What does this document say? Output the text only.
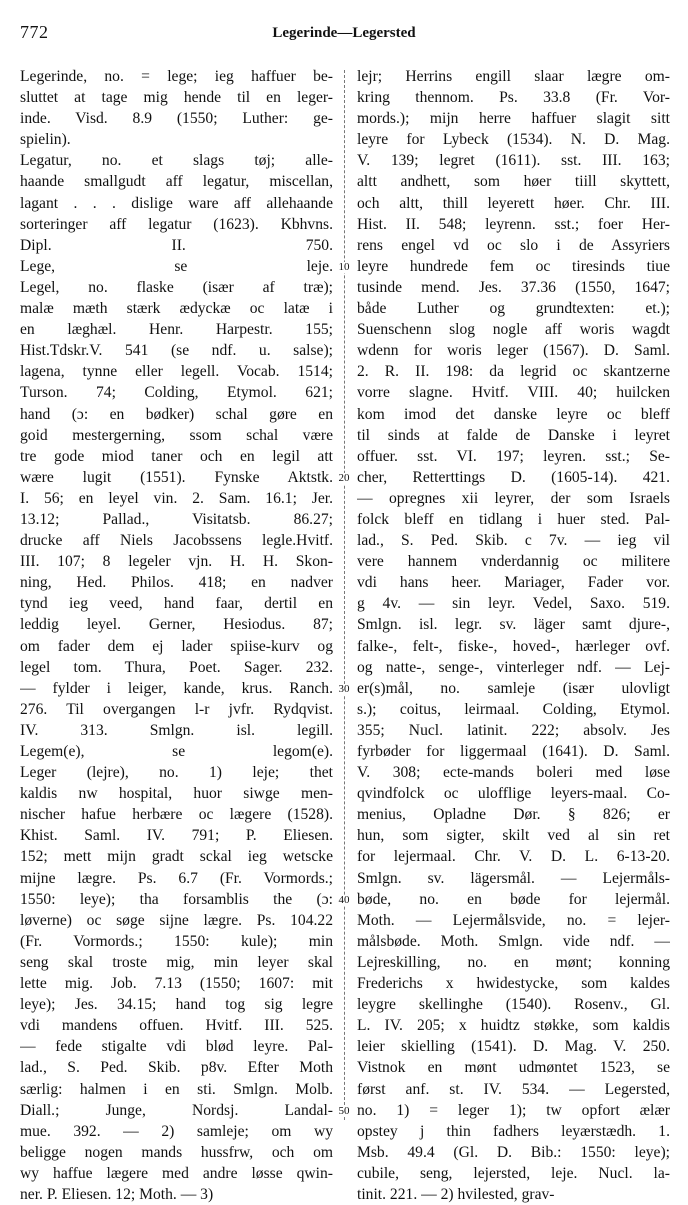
772	Legerinde—Legersted
Legerinde, no. = lege; ieg haffuer be-
sluttet at tage mig hende til en leger-
inde. Visd. 8.9 (1550; Luther: ge-
spielin).
Legatur, no. et slags tøj; alle-
haande smallgudt aff legatur, miscellan,
lagant . . . dislige ware aff allehaande
sorteringer aff legatur (1623). Kbhvns.
Dipl. II. 750.
Lege, se leje.
Legel, no. flaske (især af træ);
malæ mæth stærk ædyckæ oc latæ i
en læghæl. Henr. Harpestr. 155;
Hist.Tdskr.V. 541 (se ndf. u. salse);
lagena, tynne eller legell. Vocab. 1514;
Turson. 74; Colding, Etymol. 621;
hand (ɔ: en bødker) schal gøre en
goid mestergerning, ssom schal være
tre gode miod taner och en legil att
wære lugit (1551). Fynske Aktstk.
I. 56; en leyel vin. 2. Sam. 16.1; Jer.
13.12; Pallad., Visitatsb. 86.27;
drucke aff Niels Jacobssens legle.Hvitf.
III. 107; 8 legeler vjn. H. H. Skon-
ning, Hed. Philos. 418; en nadver
tynd ieg veed, hand faar, dertil en
leddig leyel. Gerner, Hesiodus. 87;
om fader dem ej lader spiise-kurv og
legel tom. Thura, Poet. Sager. 232.
— fylder i leiger, kande, krus. Ranch.
276. Til overgangen l-r jvfr. Rydqvist.
IV. 313. Smlgn. isl. legill.
Legem(e), se legom(e).
Leger (lejre), no. 1) leje; thet
kaldis nw hospital, huor siwge men-
nischer hafue herbære oc lægere (1528).
Khist. Saml. IV. 791; P. Eliesen.
152; mett mijn gradt sckal ieg wetscke
mijne lægre. Ps. 6.7 (Fr. Vormords.;
1550: leye); tha forsamblis the (ɔ:
løverne) oc søge sijne lægre. Ps. 104.22
(Fr. Vormords.; 1550: kule); min
seng skal troste mig, min leyer skal
lette mig. Job. 7.13 (1550; 1607: mit
leye); Jes. 34.15; hand tog sig legre
vdi mandens offuen. Hvitf. III. 525.
— fede stigalte vdi blød leyre. Pal-
lad., S. Ped. Skib. p8v. Efter Moth
særlig: halmen i en sti. Smlgn. Molb.
Diall.; Junge, Nordsj. Landal-
mue. 392. — 2) samleje; om wy
beligge nogen mands hussfrw, och om
wy haffue lægere med andre løsse qwin-
ner. P. Eliesen. 12; Moth. — 3)
10
20
30
40
50
lejr; Herrins engill slaar lægre om-
kring thennom. Ps. 33.8 (Fr. Vor-
mords.); mijn herre haffuer slagit sitt
leyre for Lybeck (1534). N. D. Mag.
V. 139; legret (1611). sst. III. 163;
altt andhett, som høer tiill skyttett,
och altt, thill leyerett høer. Chr. III.
Hist. II. 548; leyrenn. sst.; foer Her-
rens engel vd oc slo i de Assyriers
leyre hundrede fem oc tiresinds tiue
tusinde mend. Jes. 37.36 (1550, 1647;
både Luther og grundtexten: et.);
Suenschenn slog nogle aff woris wagdt
wdenn for woris leger (1567). D. Saml.
2. R. II. 198: da legrid oc skantzerne
vorre slagne. Hvitf. VIII. 40; huilcken
kom imod det danske leyre oc bleff
til sinds at falde de Danske i leyret
offuer. sst. VI. 197; leyren. sst.; Se-
cher, Retterttings D. (1605-14). 421.
— opregnes xii leyrer, der som Israels
folck bleff en tidlang i huer sted. Pal-
lad., S. Ped. Skib. c 7v. — ieg vil
vere hannem vnderdannig oc militere
vdi hans heer. Mariager, Fader vor.
g 4v. — sin leyr. Vedel, Saxo. 519.
Smlgn. isl. legr. sv. läger samt djure-,
falke-, felt-, fiske-, hoved-, hærleger ovf.
og natte-, senge-, vinterleger ndf. — Lej-
er(s)mål, no. samleje (især ulovligt
s.); coitus, leirmaal. Colding, Etymol.
355; Nucl. latinit. 222; absolv. Jes
fyrbøder for liggermaal (1641). D. Saml.
V. 308; ecte-mands boleri med løse
qvindfolck oc ulofflige leyers-maal. Co-
menius, Opladne Dør. § 826; er
hun, som sigter, skilt ved al sin ret
for lejermaal. Chr. V. D. L. 6-13-20.
Smlgn. sv. lägersmål. — Lejermåls-
bøde, no. en bøde for lejermål.
Moth. — Lejermålsvide, no. = lejer-
målsbøde. Moth. Smlgn. vide ndf. —
Lejreskilling, no. en mønt; konning
Frederichs x hwidestycke, som kaldes
leygre skellinghe (1540). Rosenv., Gl.
L. IV. 205; x huidtz støkke, som kaldis
leier skielling (1541). D. Mag. V. 250.
Vistnok en mønt udmøntet 1523, se
først anf. st. IV. 534. — Legersted,
no. 1) = leger 1); tw opfort ælær
opstey j thin fadhers leyærstædh. 1.
Msb. 49.4 (Gl. D. Bib.: 1550: leye);
cubile, seng, lejersted, leje. Nucl. la-
tinit. 221. — 2) hvilested, grav-
